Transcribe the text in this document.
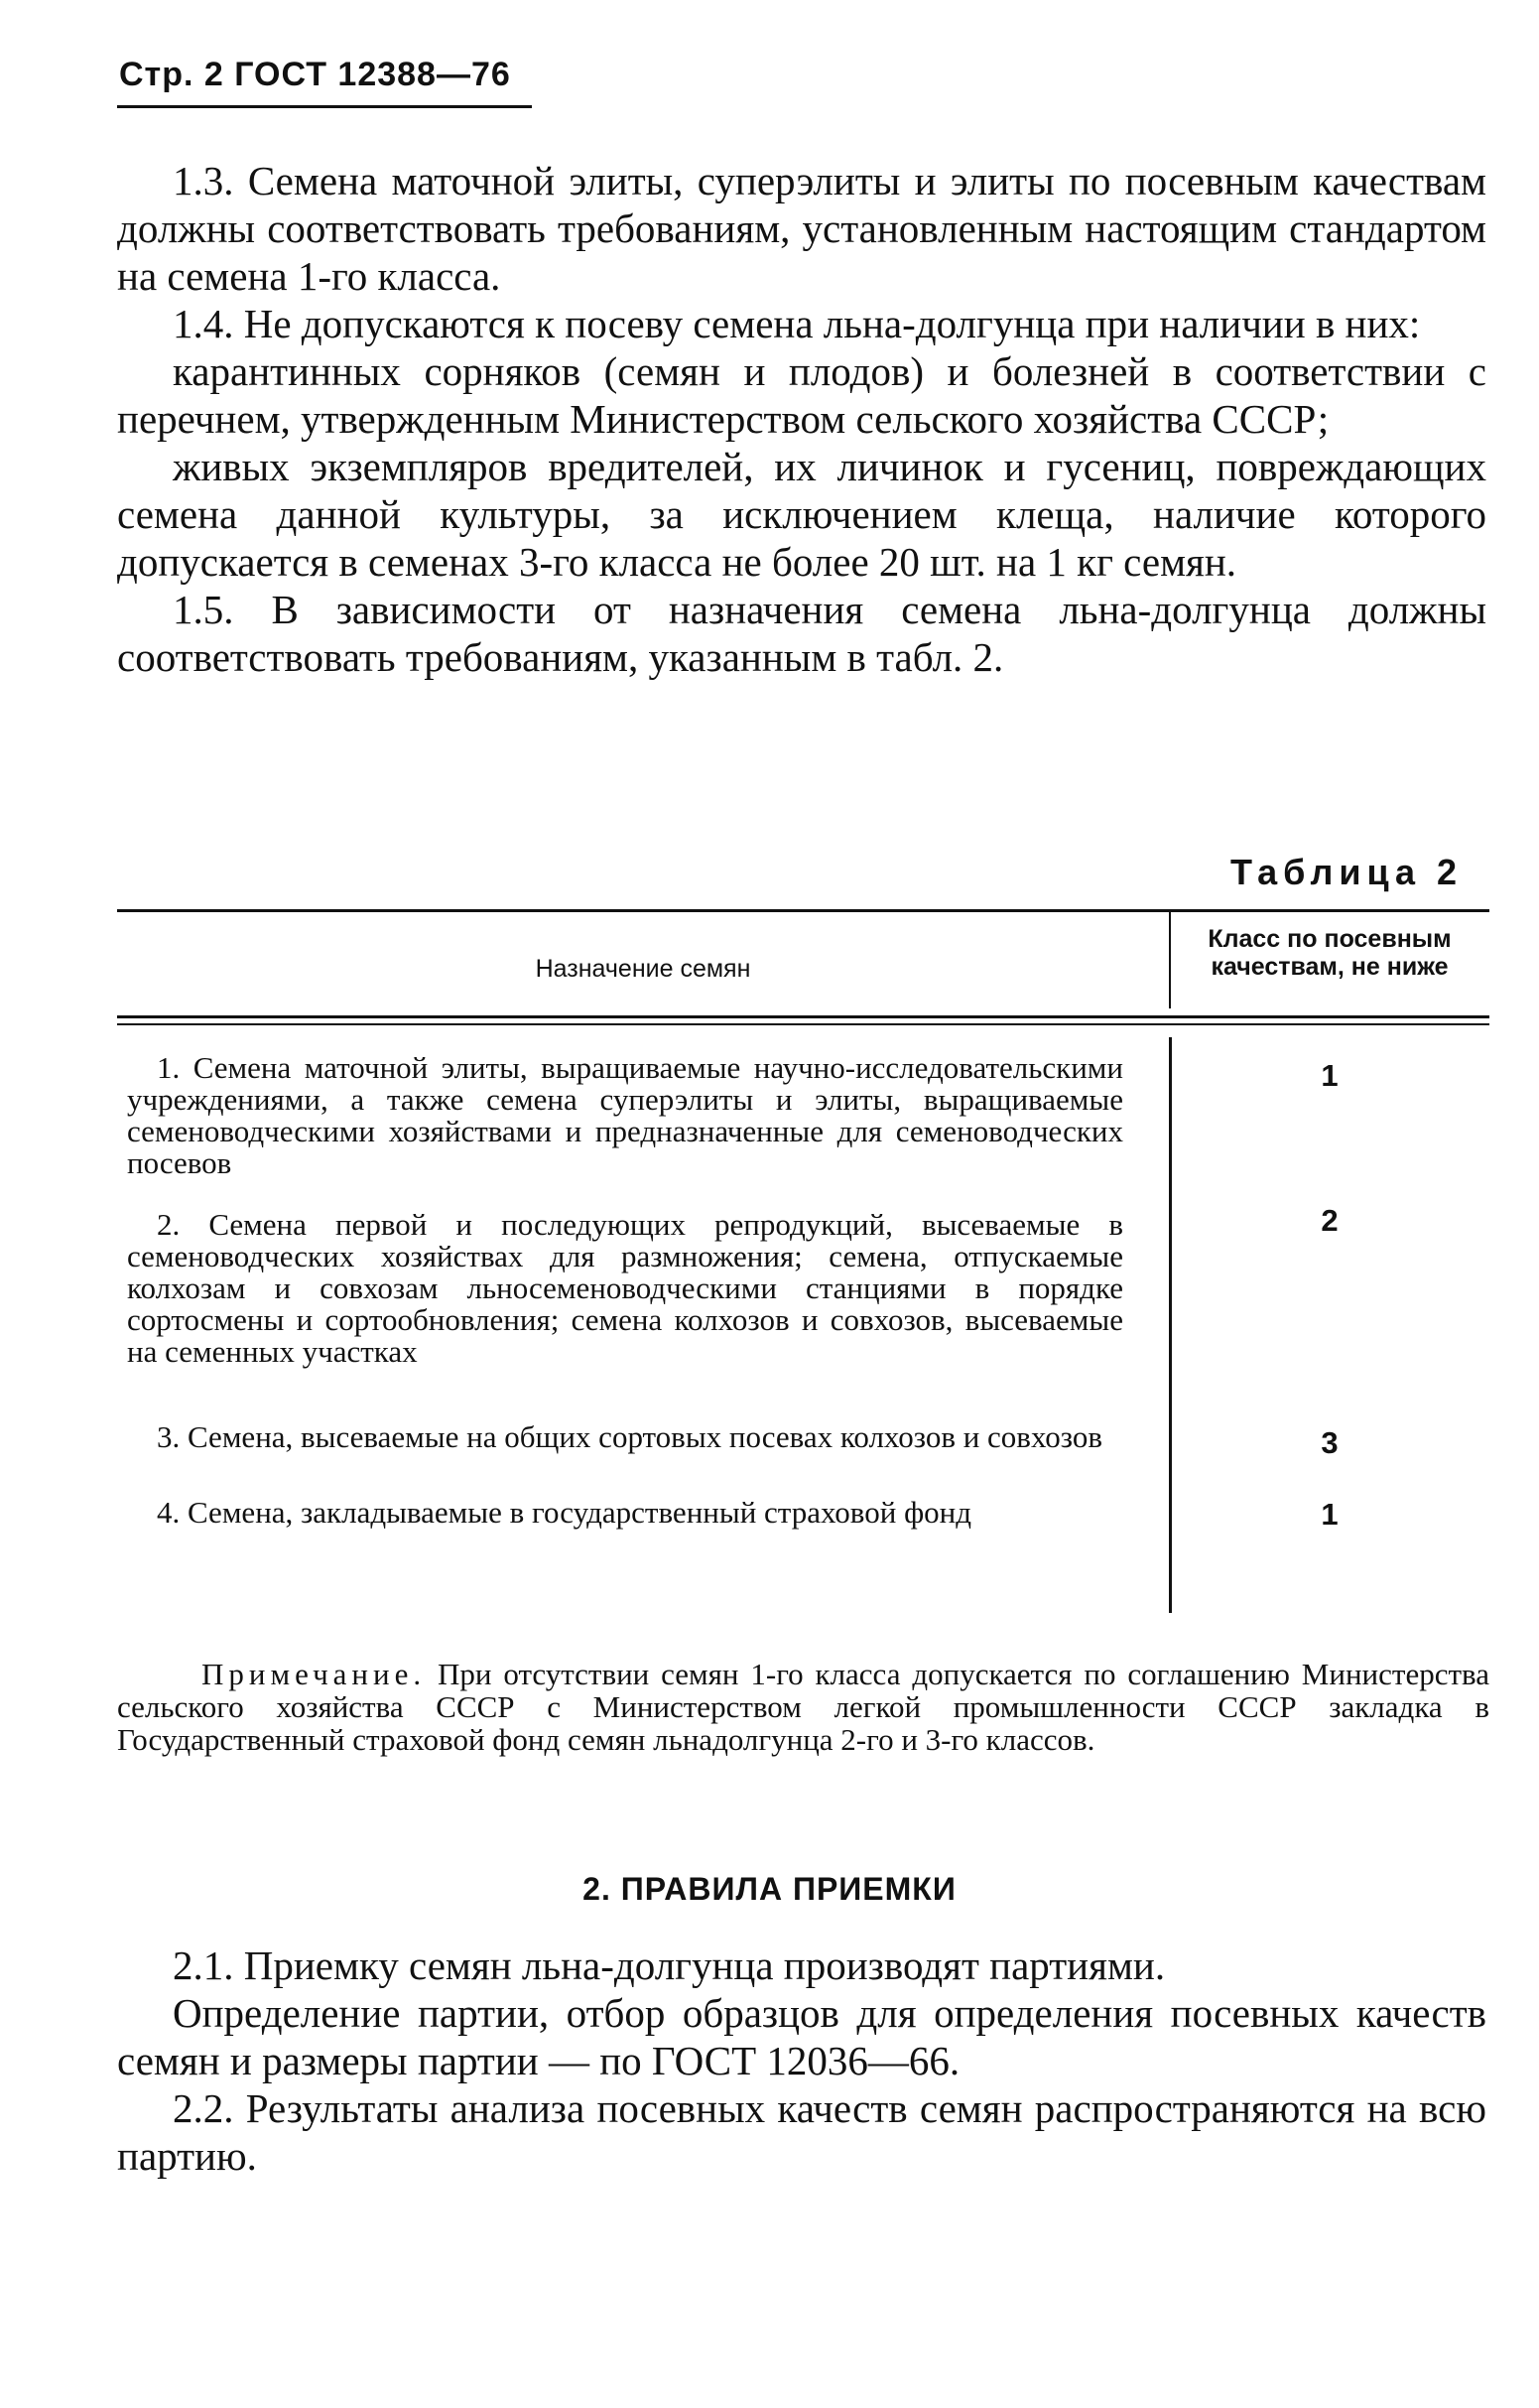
Стр. 2 ГОСТ 12388—76

1.3. Семена маточной элиты, суперэлиты и элиты по посевным качествам должны соответствовать требованиям, установленным настоящим стандартом на семена 1-го класса.

1.4. Не допускаются к посеву семена льна-долгунца при наличии в них:

карантинных сорняков (семян и плодов) и болезней в соответствии с перечнем, утвержденным Министерством сельского хозяйства СССР;

живых экземпляров вредителей, их личинок и гусениц, повреждающих семена данной культуры, за исключением клеща, наличие которого допускается в семенах 3-го класса не более 20 шт. на 1 кг семян.

1.5. В зависимости от назначения семена льна-долгунца должны соответствовать требованиям, указанным в табл. 2.

Таблица 2
Назначение семян
Класс по посевным качествам, не ниже
1. Семена маточной элиты, выращиваемые научно-исследовательскими учреждениями, а также семена суперэлиты и элиты, выращиваемые семеноводческими хозяйствами и предназначенные для семеноводческих посевов
1
2. Семена первой и последующих репродукций, высеваемые в семеноводческих хозяйствах для размножения; семена, отпускаемые колхозам и совхозам льносеменоводческими станциями в порядке сортосмены и сортообновления; семена колхозов и совхозов, высеваемые на семенных участках
2
3. Семена, высеваемые на общих сортовых посевах колхозов и совхозов	3
4. Семена, закладываемые в государственный страховой фонд	1

Примечание. При отсутствии семян 1-го класса допускается по соглашению Министерства сельского хозяйства СССР с Министерством легкой промышленности СССР закладка в Государственный страховой фонд семян льнадолгунца 2-го и 3-го классов.

2. ПРАВИЛА ПРИЕМКИ

2.1. Приемку семян льна-долгунца производят партиями.

Определение партии, отбор образцов для определения посевных качеств семян и размеры партии — по ГОСТ 12036—66.

2.2. Результаты анализа посевных качеств семян распространяются на всю партию.
